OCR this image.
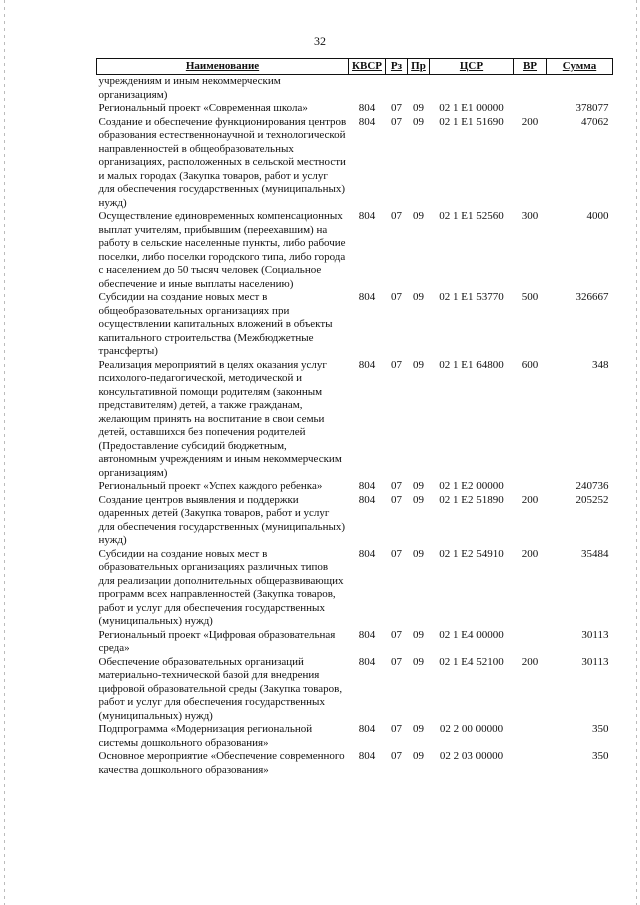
32
Наименование	КВСР	Рз	Пр	ЦСР	ВР	Сумма
учреждениям и иным некоммерческим организациям)						
Региональный проект «Современная школа»	804	07	09	02 1 E1 00000		378077
Создание и обеспечение функционирования центров образования естественнонаучной и технологической направленностей в общеобразовательных организациях, расположенных в сельской местности и малых городах (Закупка товаров, работ и услуг для обеспечения государственных (муниципальных) нужд)	804	07	09	02 1 E1 51690	200	47062
Осуществление единовременных компенсационных выплат учителям, прибывшим (переехавшим) на работу в сельские населенные пункты, либо рабочие поселки, либо поселки городского типа, либо города с населением до 50 тысяч человек (Социальное обеспечение и иные выплаты населению)	804	07	09	02 1 E1 52560	300	4000
Субсидии на создание новых мест в общеобразовательных организациях при осуществлении капитальных вложений в объекты капитального строительства (Межбюджетные трансферты)	804	07	09	02 1 E1 53770	500	326667
Реализация мероприятий в целях оказания услуг психолого-педагогической, методической и консультативной помощи родителям (законным представителям) детей, а также гражданам, желающим принять на воспитание в свои семьи детей, оставшихся без попечения родителей (Предоставление субсидий бюджетным, автономным учреждениям и иным некоммерческим организациям)	804	07	09	02 1 E1 64800	600	348
Региональный проект «Успех каждого ребенка»	804	07	09	02 1 E2 00000		240736
Создание центров выявления и поддержки одаренных детей (Закупка товаров, работ и услуг для обеспечения государственных (муниципальных) нужд)	804	07	09	02 1 E2 51890	200	205252
Субсидии на создание новых мест в образовательных организациях различных типов для реализации дополнительных общеразвивающих программ всех направленностей (Закупка товаров, работ и услуг для обеспечения государственных (муниципальных) нужд)	804	07	09	02 1 E2 54910	200	35484
Региональный проект «Цифровая образовательная среда»	804	07	09	02 1 E4 00000		30113
Обеспечение образовательных организаций материально-технической базой для внедрения цифровой образовательной среды (Закупка товаров, работ и услуг для обеспечения государственных (муниципальных) нужд)	804	07	09	02 1 E4 52100	200	30113
Подпрограмма «Модернизация региональной системы дошкольного образования»	804	07	09	02 2 00 00000		350
Основное мероприятие «Обеспечение современного качества дошкольного образования»	804	07	09	02 2 03 00000		350
